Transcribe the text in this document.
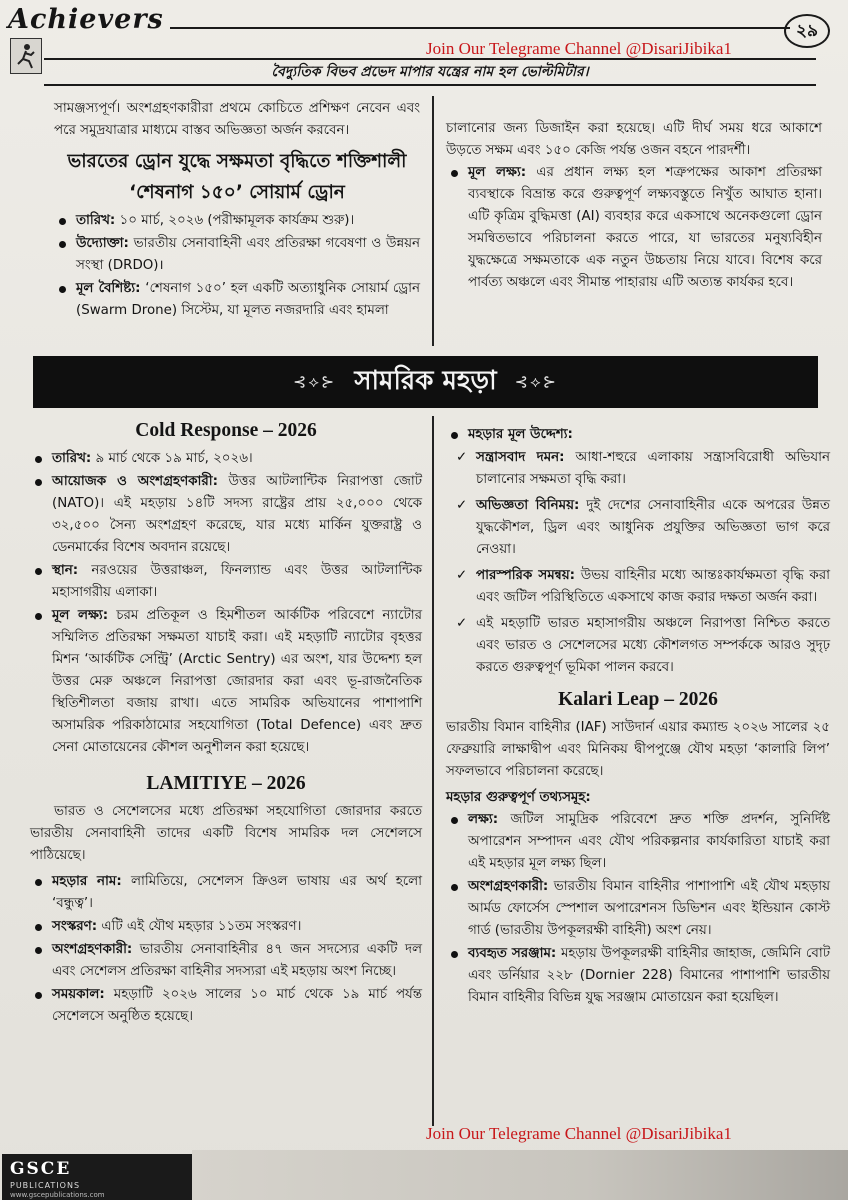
Achievers	২৯
Join Our Telegrame Channel @DisariJibika1
বৈদ্যুতিক বিভব প্রভেদ মাপার যন্ত্রের নাম হল ভোল্টমিটার।

সামঞ্জস্যপূর্ণ। অংশগ্রহণকারীরা প্রথমে কোচিতে প্রশিক্ষণ নেবেন এবং পরে সমুদ্রযাত্রার মাধ্যমে বাস্তব অভিজ্ঞতা অর্জন করবেন।

ভারতের ড্রোন যুদ্ধে সক্ষমতা বৃদ্ধিতে শক্তিশালী
‘শেষনাগ ১৫০’ সোয়ার্ম ড্রোন
তারিখ: ১০ মার্চ, ২০২৬ (পরীক্ষামূলক কার্যক্রম শুরু)।
উদ্যোক্তা: ভারতীয় সেনাবাহিনী এবং প্রতিরক্ষা গবেষণা ও উন্নয়ন সংস্থা (DRDO)।
মূল বৈশিষ্ট্য: ‘শেষনাগ ১৫০’ হল একটি অত্যাধুনিক সোয়ার্ম ড্রোন (Swarm Drone) সিস্টেম, যা মূলত নজরদারি এবং হামলা

চালানোর জন্য ডিজাইন করা হয়েছে। এটি দীর্ঘ সময় ধরে আকাশে উড়তে সক্ষম এবং ১৫০ কেজি পর্যন্ত ওজন বহনে পারদর্শী।

মূল লক্ষ্য: এর প্রধান লক্ষ্য হল শত্রুপক্ষের আকাশ প্রতিরক্ষা ব্যবস্থাকে বিভ্রান্ত করে গুরুত্বপূর্ণ লক্ষ্যবস্তুতে নিখুঁত আঘাত হানা। এটি কৃত্রিম বুদ্ধিমত্তা (AI) ব্যবহার করে একসাথে অনেকগুলো ড্রোন সমন্বিতভাবে পরিচালনা করতে পারে, যা ভারতের মনুষ্যবিহীন যুদ্ধক্ষেত্রে সক্ষমতাকে এক নতুন উচ্চতায় নিয়ে যাবে। বিশেষ করে পার্বত্য অঞ্চলে এবং সীমান্ত পাহারায় এটি অত্যন্ত কার্যকর হবে।
⊰⟡⊱ সামরিক মহড়া ⊰⟡⊱
Cold Response – 2026
তারিখ: ৯ মার্চ থেকে ১৯ মার্চ, ২০২৬।
আয়োজক ও অংশগ্রহণকারী: উত্তর আটলান্টিক নিরাপত্তা জোট (NATO)। এই মহড়ায় ১৪টি সদস্য রাষ্ট্রের প্রায় ২৫,০০০ থেকে ৩২,৫০০ সৈন্য অংশগ্রহণ করেছে, যার মধ্যে মার্কিন যুক্তরাষ্ট্র ও ডেনমার্কের বিশেষ অবদান রয়েছে।
স্থান: নরওয়ের উত্তরাঞ্চল, ফিনল্যান্ড এবং উত্তর আটলান্টিক মহাসাগরীয় এলাকা।
মূল লক্ষ্য: চরম প্রতিকূল ও হিমশীতল আর্কটিক পরিবেশে ন্যাটোর সম্মিলিত প্রতিরক্ষা সক্ষমতা যাচাই করা। এই মহড়াটি ন্যাটোর বৃহত্তর মিশন ‘আর্কটিক সেন্ট্রি’ (Arctic Sentry) এর অংশ, যার উদ্দেশ্য হল উত্তর মেরু অঞ্চলে নিরাপত্তা জোরদার করা এবং ভূ-রাজনৈতিক স্থিতিশীলতা বজায় রাখা। এতে সামরিক অভিযানের পাশাপাশি অসামরিক পরিকাঠামোর সহযোগিতা (Total Defence) এবং দ্রুত সেনা মোতায়েনের কৌশল অনুশীলন করা হয়েছে।
LAMITIYE – 2026

ভারত ও সেশেলসের মধ্যে প্রতিরক্ষা সহযোগিতা জোরদার করতে ভারতীয় সেনাবাহিনী তাদের একটি বিশেষ সামরিক দল সেশেলসে পাঠিয়েছে।

মহড়ার নাম: লামিতিয়ে, সেশেলস ক্রিওল ভাষায় এর অর্থ হলো ‘বন্ধুত্ব’।
সংস্করণ: এটি এই যৌথ মহড়ার ১১তম সংস্করণ।
অংশগ্রহণকারী: ভারতীয় সেনাবাহিনীর ৪৭ জন সদস্যের একটি দল এবং সেশেলস প্রতিরক্ষা বাহিনীর সদস্যরা এই মহড়ায় অংশ নিচ্ছে।
সময়কাল: মহড়াটি ২০২৬ সালের ১০ মার্চ থেকে ১৯ মার্চ পর্যন্ত সেশেলসে অনুষ্ঠিত হয়েছে।
মহড়ার মূল উদ্দেশ্য:
✓ সন্ত্রাসবাদ দমন: আধা-শহুরে এলাকায় সন্ত্রাসবিরোধী অভিযান চালানোর সক্ষমতা বৃদ্ধি করা।
✓ অভিজ্ঞতা বিনিময়: দুই দেশের সেনাবাহিনীর একে অপরের উন্নত যুদ্ধকৌশল, ড্রিল এবং আধুনিক প্রযুক্তির অভিজ্ঞতা ভাগ করে নেওয়া।
✓ পারস্পরিক সমন্বয়: উভয় বাহিনীর মধ্যে আন্তঃকার্যক্ষমতা বৃদ্ধি করা এবং জটিল পরিস্থিতিতে একসাথে কাজ করার দক্ষতা অর্জন করা।
✓ এই মহড়াটি ভারত মহাসাগরীয় অঞ্চলে নিরাপত্তা নিশ্চিত করতে এবং ভারত ও সেশেলসের মধ্যে কৌশলগত সম্পর্ককে আরও সুদৃঢ় করতে গুরুত্বপূর্ণ ভূমিকা পালন করবে।
Kalari Leap – 2026

ভারতীয় বিমান বাহিনীর (IAF) সাউদার্ন এয়ার কম্যান্ড ২০২৬ সালের ২৫ ফেব্রুয়ারি লাক্ষাদ্বীপ এবং মিনিকয় দ্বীপপুঞ্জে যৌথ মহড়া ‘কালারি লিপ’ সফলভাবে পরিচালনা করেছে।

মহড়ার গুরুত্বপূর্ণ তথ্যসমূহ:

লক্ষ্য: জটিল সামুদ্রিক পরিবেশে দ্রুত শক্তি প্রদর্শন, সুনির্দিষ্ট অপারেশন সম্পাদন এবং যৌথ পরিকল্পনার কার্যকারিতা যাচাই করা এই মহড়ার মূল লক্ষ্য ছিল।
অংশগ্রহণকারী: ভারতীয় বিমান বাহিনীর পাশাপাশি এই যৌথ মহড়ায় আর্মড ফোর্সেস স্পেশাল অপারেশনস ডিভিশন এবং ইন্ডিয়ান কোস্ট গার্ড (ভারতীয় উপকূলরক্ষী বাহিনী) অংশ নেয়।
ব্যবহৃত সরঞ্জাম: মহড়ায় উপকূলরক্ষী বাহিনীর জাহাজ, জেমিনি বোট এবং ডর্নিয়ার ২২৮ (Dornier 228) বিমানের পাশাপাশি ভারতীয় বিমান বাহিনীর বিভিন্ন যুদ্ধ সরঞ্জাম মোতায়েন করা হয়েছিল।
Join Our Telegrame Channel @DisariJibika1
GSCE
PUBLICATIONS
www.gscepublications.com
